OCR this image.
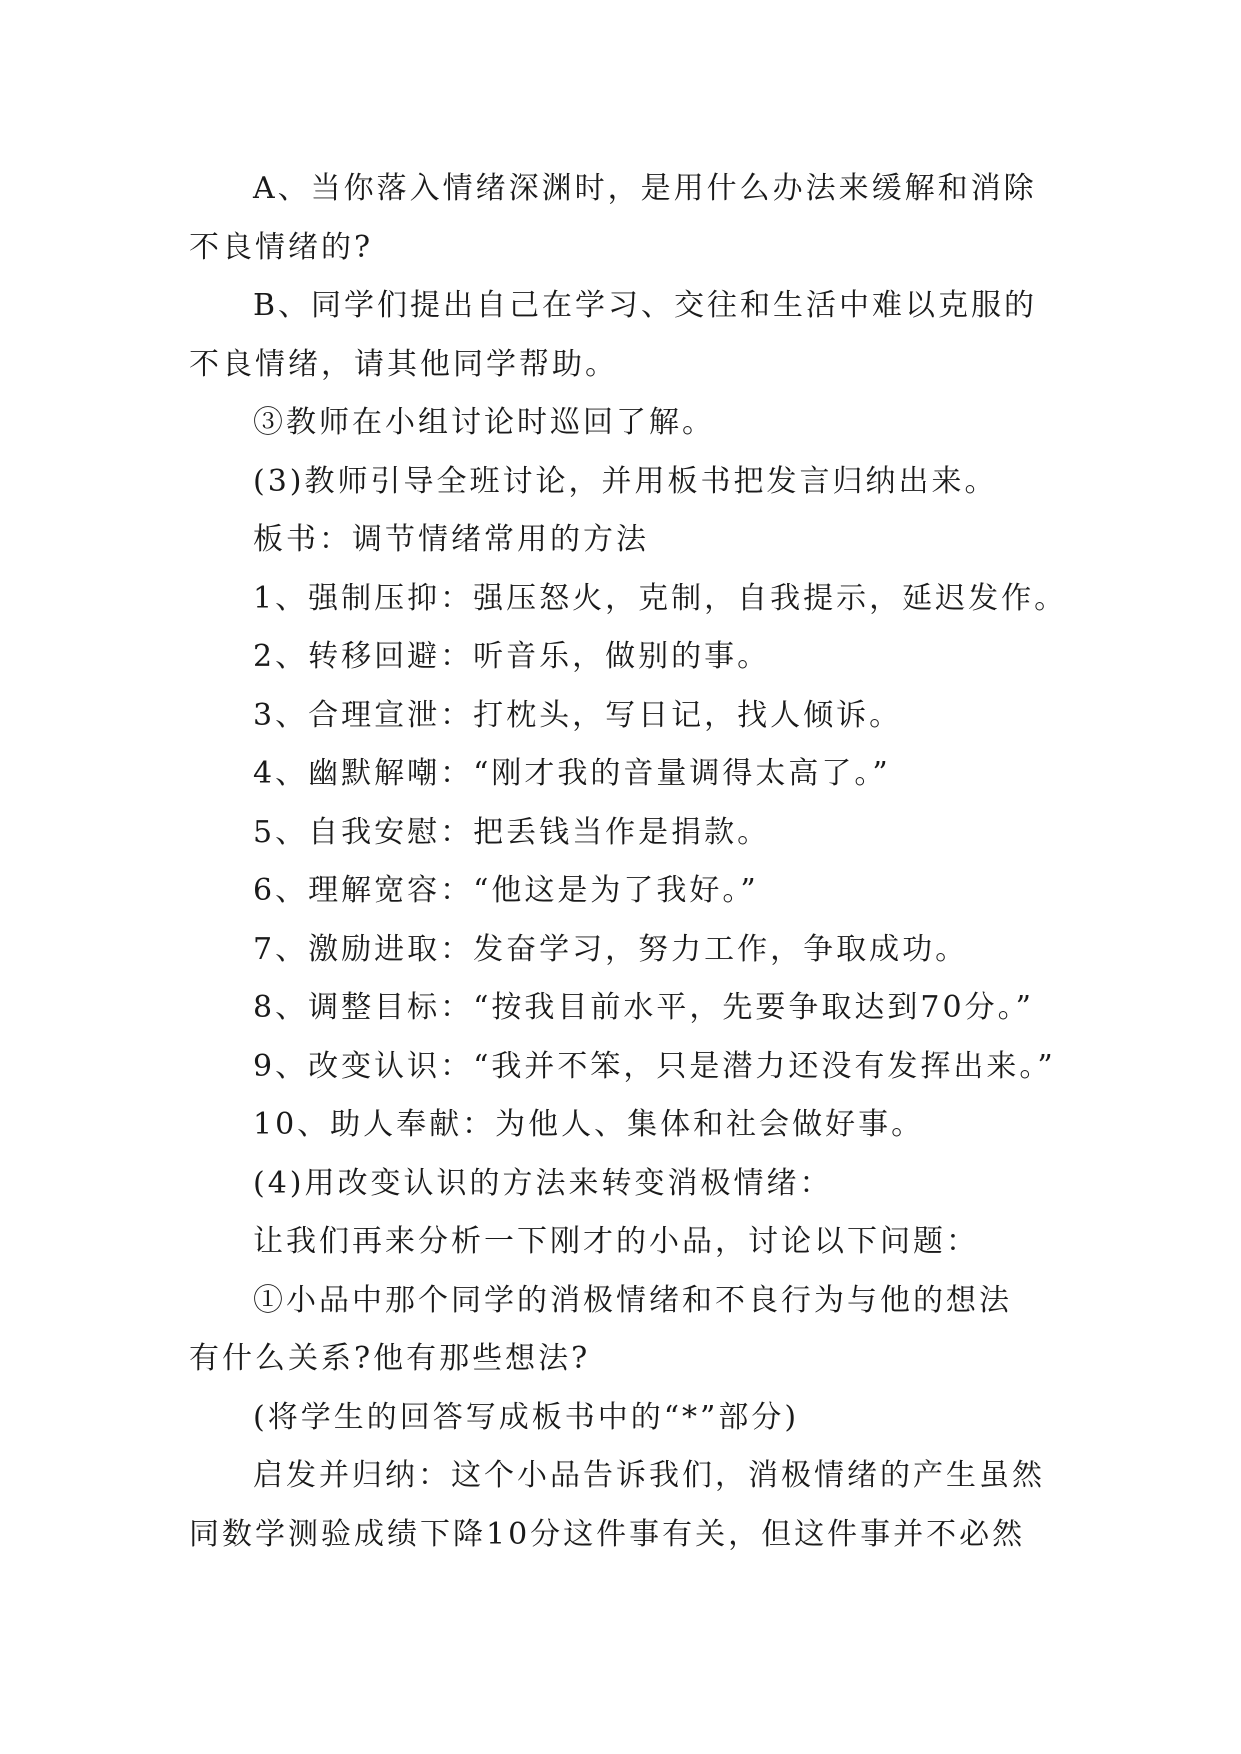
A、当你落入情绪深渊时，是用什么办法来缓解和消除
不良情绪的?
B、同学们提出自己在学习、交往和生活中难以克服的
不良情绪，请其他同学帮助。
③教师在小组讨论时巡回了解。
(3)教师引导全班讨论，并用板书把发言归纳出来。
板书：调节情绪常用的方法
1、强制压抑：强压怒火，克制，自我提示，延迟发作。
2、转移回避：听音乐，做别的事。
3、合理宣泄：打枕头，写日记，找人倾诉。
4、幽默解嘲：“刚才我的音量调得太高了。”
5、自我安慰：把丢钱当作是捐款。
6、理解宽容：“他这是为了我好。”
7、激励进取：发奋学习，努力工作，争取成功。
8、调整目标：“按我目前水平，先要争取达到70分。”
9、改变认识：“我并不笨，只是潜力还没有发挥出来。”
10、助人奉献：为他人、集体和社会做好事。
(4)用改变认识的方法来转变消极情绪：
让我们再来分析一下刚才的小品，讨论以下问题：
①小品中那个同学的消极情绪和不良行为与他的想法
有什么关系?他有那些想法?
(将学生的回答写成板书中的“*”部分)
启发并归纳：这个小品告诉我们，消极情绪的产生虽然
同数学测验成绩下降10分这件事有关，但这件事并不必然
